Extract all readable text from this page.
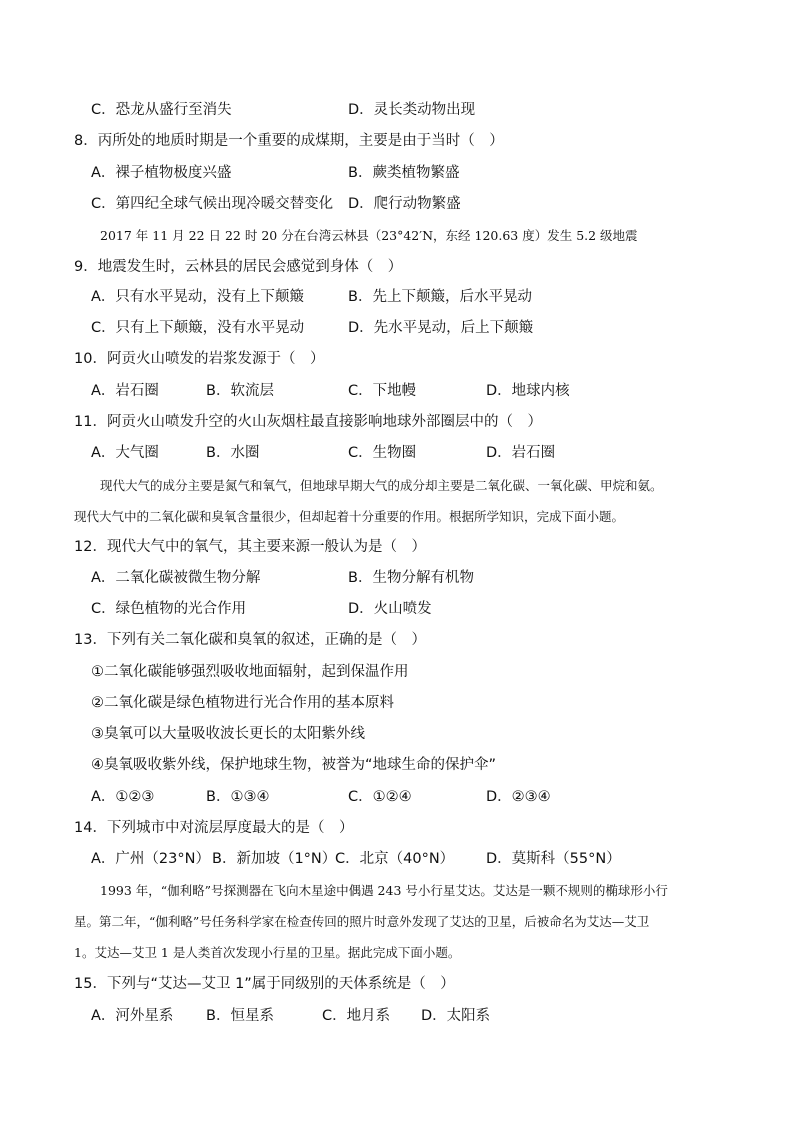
C．恐龙从盛行至消失	D．灵长类动物出现
8．丙所处的地质时期是一个重要的成煤期，主要是由于当时（　）
A．裸子植物极度兴盛	B．蕨类植物繁盛
C．第四纪全球气候出现冷暖交替变化 D．爬行动物繁盛
2017 年 11 月 22 日 22 时 20 分在台湾云林县（23°42′N，东经 120.63 度）发生 5.2 级地震
9．地震发生时，云林县的居民会感觉到身体（　）
A．只有水平晃动，没有上下颠簸	B．先上下颠簸，后水平晃动
C．只有上下颠簸，没有水平晃动	D．先水平晃动，后上下颠簸
10．阿贡火山喷发的岩浆发源于（　）
A．岩石圈	B．软流层	C．下地幔	D．地球内核
11．阿贡火山喷发升空的火山灰烟柱最直接影响地球外部圈层中的（　）
A．大气圈	B．水圈	C．生物圈	D．岩石圈
现代大气的成分主要是氮气和氧气，但地球早期大气的成分却主要是二氧化碳、一氧化碳、甲烷和氨。
现代大气中的二氧化碳和臭氧含量很少，但却起着十分重要的作用。根据所学知识，完成下面小题。
12．现代大气中的氧气，其主要来源一般认为是（　）
A．二氧化碳被微生物分解	B．生物分解有机物
C．绿色植物的光合作用	D．火山喷发
13．下列有关二氧化碳和臭氧的叙述，正确的是（　）
①二氧化碳能够强烈吸收地面辐射，起到保温作用
②二氧化碳是绿色植物进行光合作用的基本原料
③臭氧可以大量吸收波长更长的太阳紫外线
④臭氧吸收紫外线，保护地球生物，被誉为“地球生命的保护伞”
A．①②③	B．①③④	C．①②④	D．②③④
14．下列城市中对流层厚度最大的是（　）
A．广州（23°N） B．新加坡（1°N）
C．北京（40°N） D．莫斯科（55°N）
1993 年，“伽利略”号探测器在飞向木星途中偶遇 243 号小行星艾达。艾达是一颗不规则的椭球形小行
星。第二年，“伽利略”号任务科学家在检查传回的照片时意外发现了艾达的卫星，后被命名为艾达—艾卫
1。艾达—艾卫 1 是人类首次发现小行星的卫星。据此完成下面小题。
15．下列与“艾达—艾卫 1”属于同级别的天体系统是（　）
A．河外星系 B．恒星系	C．地月系 D．太阳系
